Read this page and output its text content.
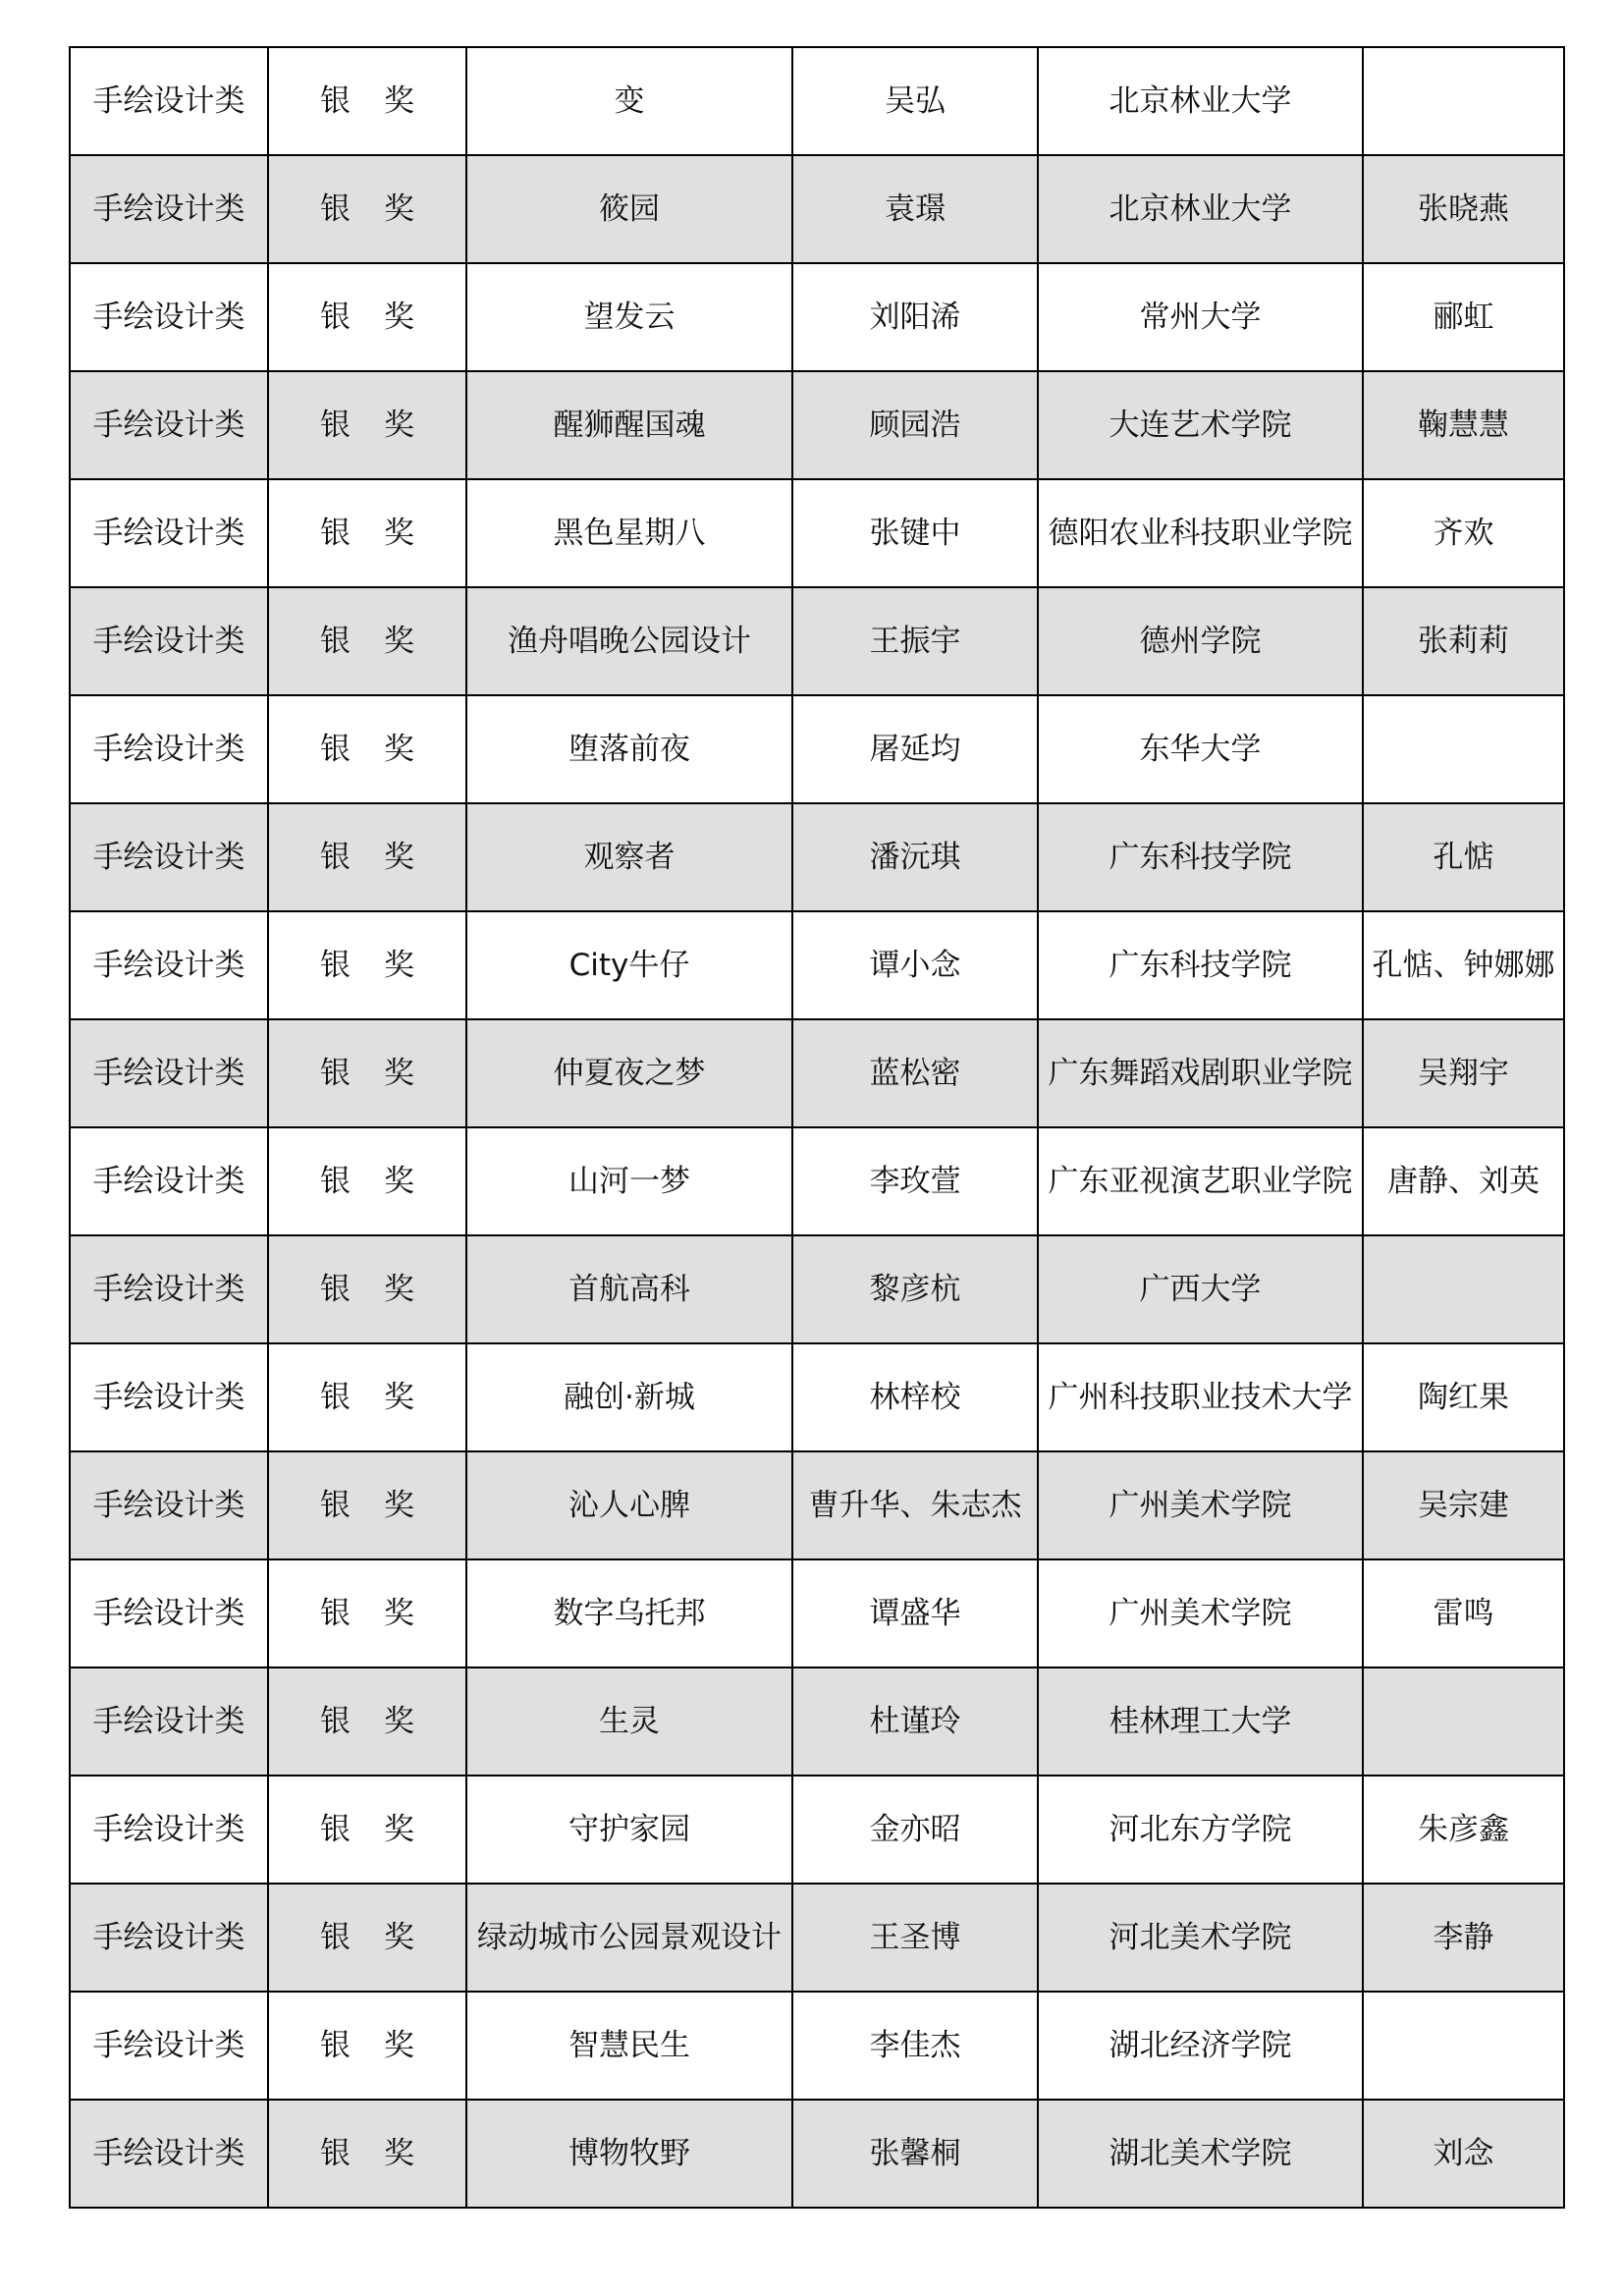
手绘设计类	银 奖	变	吴弘	北京林业大学	
手绘设计类	银 奖	筱园	袁璟	北京林业大学	张晓燕
手绘设计类	银 奖	望发云	刘阳浠	常州大学	郦虹
手绘设计类	银 奖	醒狮醒国魂	顾园浩	大连艺术学院	鞠慧慧
手绘设计类	银 奖	黑色星期八	张键中	德阳农业科技职业学院	齐欢
手绘设计类	银 奖	渔舟唱晚公园设计	王振宇	德州学院	张莉莉
手绘设计类	银 奖	堕落前夜	屠延均	东华大学	
手绘设计类	银 奖	观察者	潘沅琪	广东科技学院	孔惦
手绘设计类	银 奖	City牛仔	谭小念	广东科技学院	孔惦、钟娜娜
手绘设计类	银 奖	仲夏夜之梦	蓝松密	广东舞蹈戏剧职业学院	吴翔宇
手绘设计类	银 奖	山河一梦	李玫萱	广东亚视演艺职业学院	唐静、刘英
手绘设计类	银 奖	首航高科	黎彦杭	广西大学	
手绘设计类	银 奖	融创·新城	林梓校	广州科技职业技术大学	陶红果
手绘设计类	银 奖	沁人心脾	曹升华、朱志杰	广州美术学院	吴宗建
手绘设计类	银 奖	数字乌托邦	谭盛华	广州美术学院	雷鸣
手绘设计类	银 奖	生灵	杜谨玲	桂林理工大学	
手绘设计类	银 奖	守护家园	金亦昭	河北东方学院	朱彦鑫
手绘设计类	银 奖	绿动城市公园景观设计	王圣博	河北美术学院	李静
手绘设计类	银 奖	智慧民生	李佳杰	湖北经济学院	
手绘设计类	银 奖	博物牧野	张馨桐	湖北美术学院	刘念
